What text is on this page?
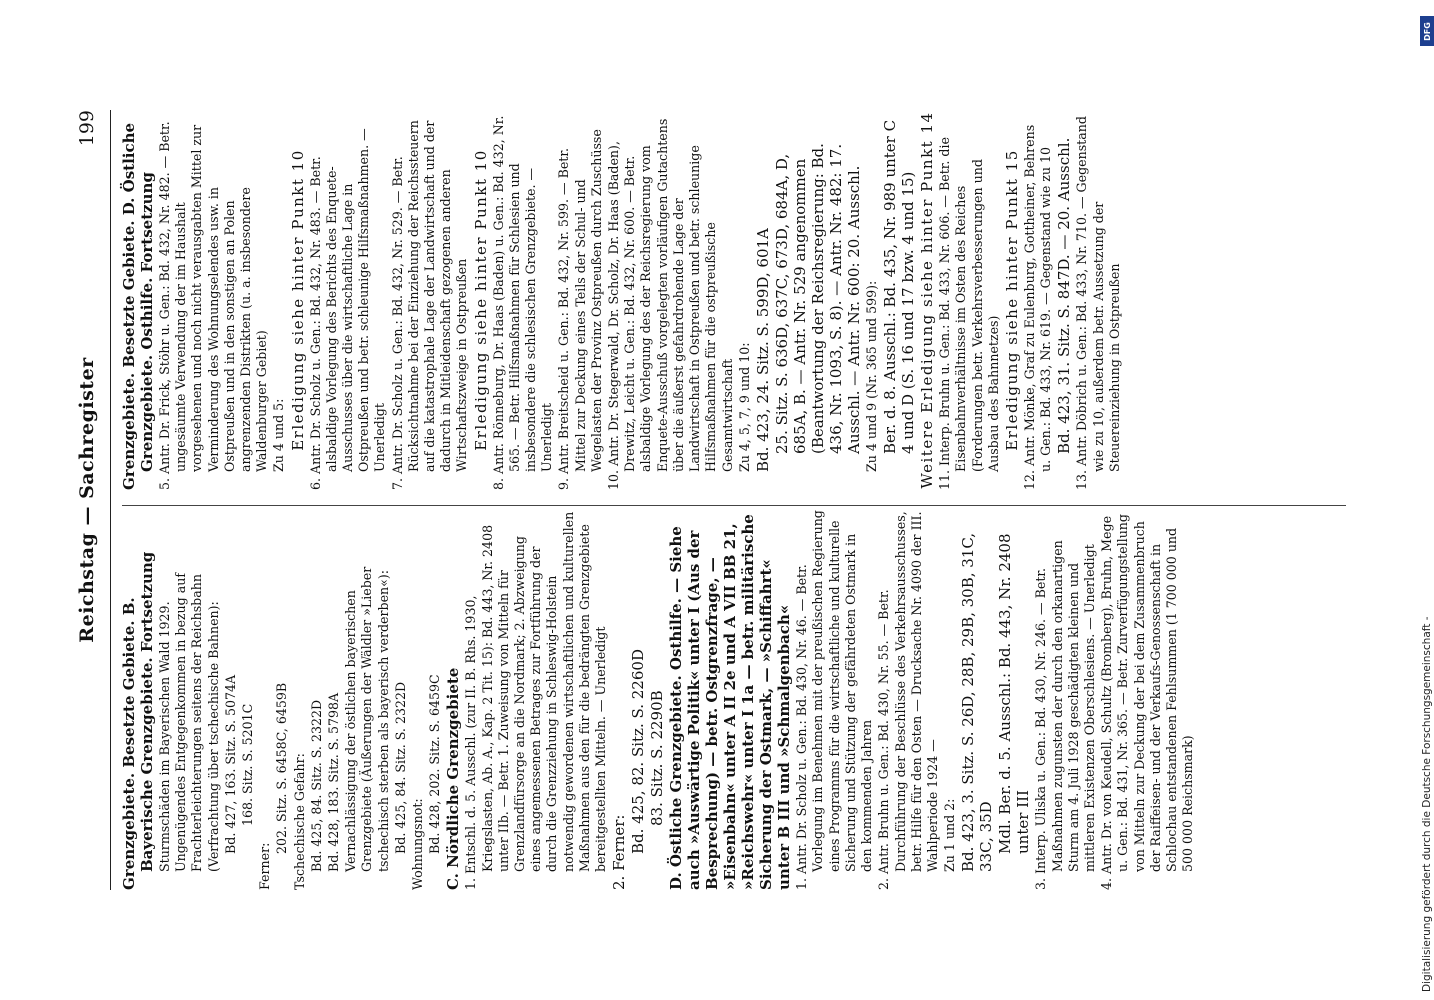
Reichstag — Sachregister
199

Grenzgebiete. Besetzte Gebiete. B. Bayerische Grenzgebiete. Fortsetzung Sturmschäden im Bayerischen Wald 1929. Ungenügendes Entgegenkommen in bezug auf Frachterleichterungen seitens der Reichsbahn (Verfrachtung über tschechische Bahnen): Bd. 427, 163. Sitz. S. 5074A 168. Sitz. S. 5201C

Ferner:

202. Sitz. S. 6458C, 6459B Tschechische Gefahr: Bd. 425, 84. Sitz. S. 2322D Bd. 428, 183. Sitz. S. 5798A Vernachlässigung der östlichen bayerischen Grenzgebiete (Äußerungen der Wäldler »Lieber tschechisch sterben als bayerisch verderben«): Bd. 425, 84. Sitz. S. 2322D Wohnungsnot: Bd. 428, 202. Sitz. S. 6459C C. Nördliche Grenzgebiete 1. Entschl. d. 5. Ausschl. (zur II. B. Rhs. 1930, Kriegslasten, Ab. A., Kap. 2 Tit. 15): Bd. 443, Nr. 2408 unter IIb. — Betr. 1. Zuweisung von Mitteln für Grenzlandfürsorge an die Nordmark; 2. Abzweigung eines angemessenen Betrages zur Fortführung der durch die Grenzziehung in Schleswig-Holstein notwendig gewordenen wirtschaftlichen und kulturellen Maßnahmen aus den für die bedrängten Grenzgebiete bereitgestellten Mitteln. — Unerledigt 2. Ferner: Bd. 425, 82. Sitz. S. 2260D 83. Sitz. S. 2290B D. Östliche Grenzgebiete. Osthilfe. — Siehe auch »Auswärtige Politik« unter I (Aus der Besprechung) — betr. Ostgrenzfrage, — »Eisenbahn« unter A II 2e und A VII BB 21, »Reichswehr« unter I 1a — betr. militärische Sicherung der Ostmark, — »Schiffahrt« unter B III und »Schmalgenbach« 1. Antr. Dr. Scholz u. Gen.: Bd. 430, Nr. 46. — Betr. Vorlegung im Benehmen mit der preußischen Regierung eines Programms für die wirtschaftliche und kulturelle Sicherung und Stützung der gefährdeten Ostmark in den kommenden Jahren 2. Antr. Bruhn u. Gen.: Bd. 430, Nr. 55. — Betr. Durchführung der Beschlüsse des Verkehrsausschusses, betr. Hilfe für den Osten — Drucksache Nr. 4090 der III. Wahlperiode 1924 — Zu 1 und 2: Bd. 423, 3. Sitz. S. 26D, 28B, 29B, 30B, 31C, 33C, 35D Mdl. Ber. d. 5. Ausschl.: Bd. 443, Nr. 2408 unter III 3. Interp. Uliska u. Gen.: Bd. 430, Nr. 246. — Betr. Maßnahmen zugunsten der durch den orkanartigen Sturm am 4. Juli 1928 geschädigten kleinen und mittleren Existenzen Oberschlesiens. — Unerledigt 4. Antr. Dr. von Keudell, Schultz (Bromberg), Bruhn, Mege u. Gen.: Bd. 431, Nr. 365. — Betr. Zurverfügungstellung von Mitteln zur Deckung der bei dem Zusammenbruch der Raiffeisen- und der Verkaufs-Genossenschaft in Schlochau entstandenen Fehlsummen (1 700 000 und 500 000 Reichsmark)

Grenzgebiete. Besetzte Gebiete. D. Östliche Grenzgebiete. Osthilfe. Fortsetzung 5. Antr. Dr. Frick, Stöhr u. Gen.: Bd. 432, Nr. 482. — Betr. ungesäumte Verwendung der im Haushalt vorgesehenen und noch nicht verausgabten Mittel zur Verminderung des Wohnungselendes usw. in Ostpreußen und in den sonstigen an Polen angrenzenden Distrikten (u. a. insbesondere Waldenburger Gebiet) Zu 4 und 5: Erledigung siehe hinter Punkt 10 6. Antr. Dr. Scholz u. Gen.: Bd. 432, Nr. 483. — Betr. alsbaldige Vorlegung des Berichts des Enquete-Ausschusses über die wirtschaftliche Lage in Ostpreußen und betr. schleunige Hilfsmaßnahmen. — Unerledigt 7. Antr. Dr. Scholz u. Gen.: Bd. 432, Nr. 529. — Betr. Rücksichtnahme bei der Einziehung der Reichssteuern auf die katastrophale Lage der Landwirtschaft und der dadurch in Mitleidenschaft gezogenen anderen Wirtschaftszweige in Ostpreußen Erledigung siehe hinter Punkt 10 8. Antr. Rönneburg, Dr. Haas (Baden) u. Gen.: Bd. 432, Nr. 565. — Betr. Hilfsmaßnahmen für Schlesien und insbesondere die schlesischen Grenzgebiete. — Unerledigt 9. Antr. Breitscheid u. Gen.: Bd. 432, Nr. 599. — Betr. Mittel zur Deckung eines Teils der Schul- und Wegelasten der Provinz Ostpreußen durch Zuschüsse 10. Antr. Dr. Stegerwald, Dr. Scholz, Dr. Haas (Baden), Drewitz, Leicht u. Gen.: Bd. 432, Nr. 600. — Betr. alsbaldige Vorlegung des der Reichsregierung vom Enquete-Ausschuß vorgelegten vorläufigen Gutachtens über die äußerst gefahrdrohende Lage der Landwirtschaft in Ostpreußen und betr. schleunige Hilfsmaßnahmen für die ostpreußische Gesamtwirtschaft Zu 4, 5, 7, 9 und 10: Bd. 423, 24. Sitz. S. 599D, 601A 25. Sitz. S. 636D, 637C, 673D, 684A, D, 685A, B. — Antr. Nr. 529 angenommen (Beantwortung der Reichsregierung: Bd. 436, Nr. 1093, S. 8). — Antr. Nr. 482: 17. Ausschl. — Antr. Nr. 600: 20. Ausschl. Zu 4 und 9 (Nr. 365 und 599): Ber. d. 8. Ausschl.: Bd. 435, Nr. 989 unter C 4 und D (S. 16 und 17 bzw. 4 und 15) Weitere Erledigung siehe hinter Punkt 14 11. Interp. Bruhn u. Gen.: Bd. 433, Nr. 606. — Betr. die Eisenbahnverhältnisse im Osten des Reiches (Forderungen betr. Verkehrsverbesserungen und Ausbau des Bahnnetzes) Erledigung siehe hinter Punkt 15 12. Antr. Mönke, Graf zu Eulenburg, Gottheiner, Behrens u. Gen.: Bd. 433, Nr. 619. — Gegenstand wie zu 10 Bd. 423, 31. Sitz. S. 847D. — 20. Ausschl. 13. Antr. Döbrich u. Gen.: Bd. 433, Nr. 710. — Gegenstand wie zu 10, außerdem betr. Aussetzung der Steuereinziehung in Ostpreußen

Digitalisierung gefördert durch die Deutsche Forschungsgemeinschaft -
DFG
